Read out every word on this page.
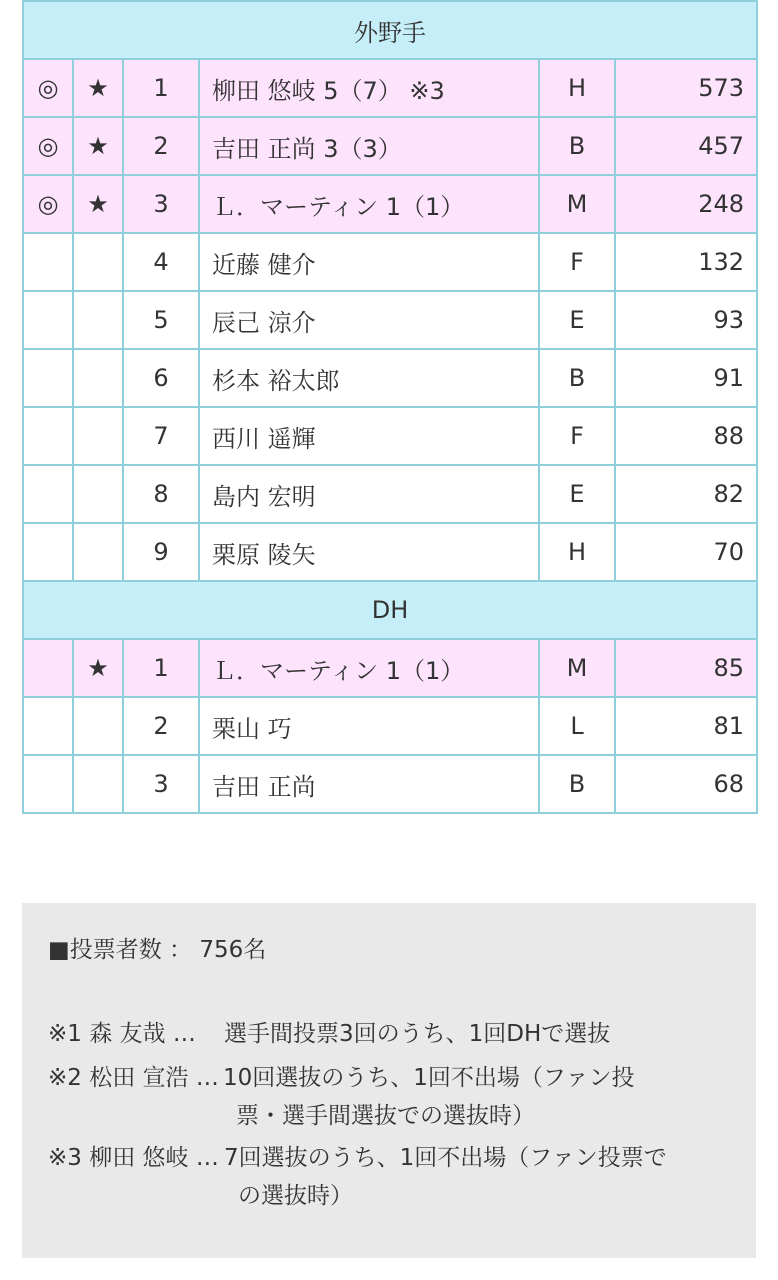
外野手					
◎	★	1	柳田 悠岐 5（7） ※3	H	573
◎	★	2	吉田 正尚 3（3）	B	457
◎	★	3	Ｌ．マーティン 1（1）	M	248
		4	近藤 健介	F	132
		5	辰己 涼介	E	93
		6	杉本 裕太郎	B	91
		7	西川 遥輝	F	88
		8	島内 宏明	E	82
		9	栗原 陵矢	H	70
DH					
	★	1	Ｌ．マーティン 1（1）	M	85
		2	栗山 巧	L	81
		3	吉田 正尚	B	68
■投票者数 ： 756名
※1 森 友哉 … 選手間投票3回のうち、1回DHで選抜
※2 松田 宣浩 … 10回選抜のうち、1回不出場（ファン投
票・選手間選抜での選抜時）
※3 柳田 悠岐 … 7回選抜のうち、1回不出場（ファン投票で
の選抜時）
